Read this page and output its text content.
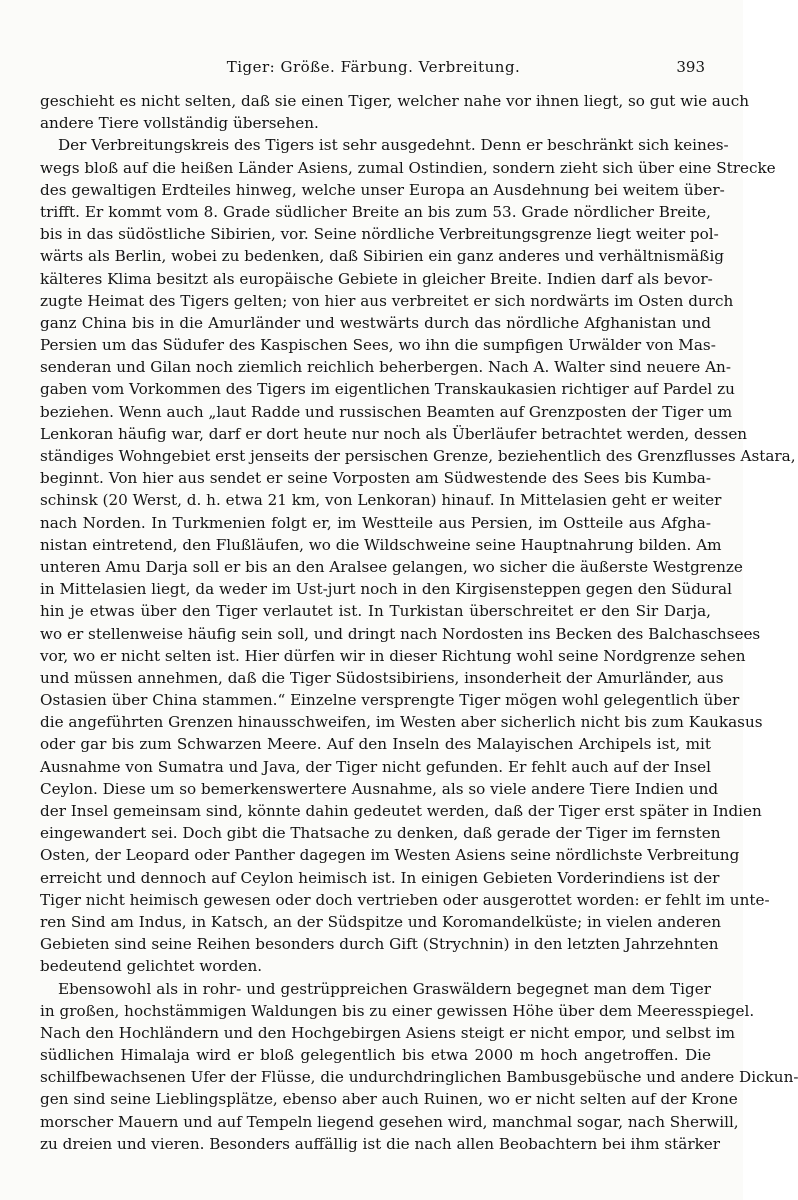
Tiger: Größe. Färbung. Verbreitung.	393
geschieht es nicht selten, daß sie einen Tiger, welcher nahe vor ihnen liegt, so gut wie auch
andere Tiere vollständig übersehen.
Der Verbreitungskreis des Tigers ist sehr ausgedehnt. Denn er beschränkt sich keines-
wegs bloß auf die heißen Länder Asiens, zumal Ostindien, sondern zieht sich über eine Strecke
des gewaltigen Erdteiles hinweg, welche unser Europa an Ausdehnung bei weitem über-
trifft. Er kommt vom 8. Grade südlicher Breite an bis zum 53. Grade nördlicher Breite,
bis in das südöstliche Sibirien, vor. Seine nördliche Verbreitungsgrenze liegt weiter pol-
wärts als Berlin, wobei zu bedenken, daß Sibirien ein ganz anderes und verhältnismäßig
kälteres Klima besitzt als europäische Gebiete in gleicher Breite. Indien darf als bevor-
zugte Heimat des Tigers gelten; von hier aus verbreitet er sich nordwärts im Osten durch
ganz China bis in die Amurländer und westwärts durch das nördliche Afghanistan und
Persien um das Südufer des Kaspischen Sees, wo ihn die sumpfigen Urwälder von Mas-
senderan und Gilan noch ziemlich reichlich beherbergen. Nach A. Walter sind neuere An-
gaben vom Vorkommen des Tigers im eigentlichen Transkaukasien richtiger auf Pardel zu
beziehen. Wenn auch „laut Radde und russischen Beamten auf Grenzposten der Tiger um
Lenkoran häufig war, darf er dort heute nur noch als Überläufer betrachtet werden, dessen
ständiges Wohngebiet erst jenseits der persischen Grenze, beziehentlich des Grenzflusses Astara,
beginnt. Von hier aus sendet er seine Vorposten am Südwestende des Sees bis Kumba-
schinsk (20 Werst, d. h. etwa 21 km, von Lenkoran) hinauf. In Mittelasien geht er weiter
nach Norden. In Turkmenien folgt er, im Westteile aus Persien, im Ostteile aus Afgha-
nistan eintretend, den Flußläufen, wo die Wildschweine seine Hauptnahrung bilden. Am
unteren Amu Darja soll er bis an den Aralsee gelangen, wo sicher die äußerste Westgrenze
in Mittelasien liegt, da weder im Ust-jurt noch in den Kirgisensteppen gegen den Südural
hin je etwas über den Tiger verlautet ist. In Turkistan überschreitet er den Sir Darja,
wo er stellenweise häufig sein soll, und dringt nach Nordosten ins Becken des Balchaschsees
vor, wo er nicht selten ist. Hier dürfen wir in dieser Richtung wohl seine Nordgrenze sehen
und müssen annehmen, daß die Tiger Südostsibiriens, insonderheit der Amurländer, aus
Ostasien über China stammen.“ Einzelne versprengte Tiger mögen wohl gelegentlich über
die angeführten Grenzen hinausschweifen, im Westen aber sicherlich nicht bis zum Kaukasus
oder gar bis zum Schwarzen Meere. Auf den Inseln des Malayischen Archipels ist, mit
Ausnahme von Sumatra und Java, der Tiger nicht gefunden. Er fehlt auch auf der Insel
Ceylon. Diese um so bemerkenswertere Ausnahme, als so viele andere Tiere Indien und
der Insel gemeinsam sind, könnte dahin gedeutet werden, daß der Tiger erst später in Indien
eingewandert sei. Doch gibt die Thatsache zu denken, daß gerade der Tiger im fernsten
Osten, der Leopard oder Panther dagegen im Westen Asiens seine nördlichste Verbreitung
erreicht und dennoch auf Ceylon heimisch ist. In einigen Gebieten Vorderindiens ist der
Tiger nicht heimisch gewesen oder doch vertrieben oder ausgerottet worden: er fehlt im unte-
ren Sind am Indus, in Katsch, an der Südspitze und Koromandelküste; in vielen anderen
Gebieten sind seine Reihen besonders durch Gift (Strychnin) in den letzten Jahrzehnten
bedeutend gelichtet worden.
Ebensowohl als in rohr- und gestrüppreichen Graswäldern begegnet man dem Tiger
in großen, hochstämmigen Waldungen bis zu einer gewissen Höhe über dem Meeresspiegel.
Nach den Hochländern und den Hochgebirgen Asiens steigt er nicht empor, und selbst im
südlichen Himalaja wird er bloß gelegentlich bis etwa 2000 m hoch angetroffen. Die
schilfbewachsenen Ufer der Flüsse, die undurchdringlichen Bambusgebüsche und andere Dickun-
gen sind seine Lieblingsplätze, ebenso aber auch Ruinen, wo er nicht selten auf der Krone
morscher Mauern und auf Tempeln liegend gesehen wird, manchmal sogar, nach Sherwill,
zu dreien und vieren. Besonders auffällig ist die nach allen Beobachtern bei ihm stärker
